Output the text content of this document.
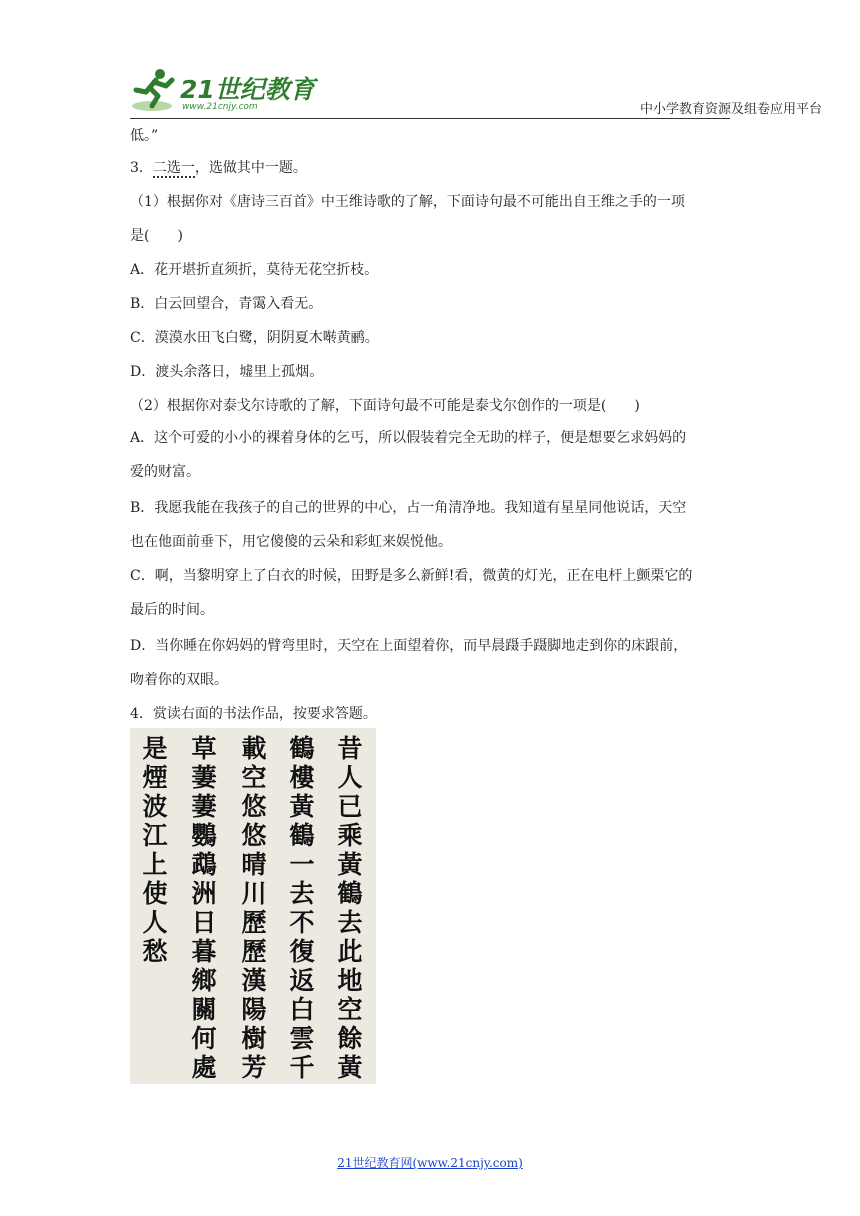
21世纪教育
www.21cnjy.com	中小学教育资源及组卷应用平台
低。”
3．二选一，选做其中一题。
（1）根据你对《唐诗三百首》中王维诗歌的了解，下面诗句最不可能出自王维之手的一项
是(　　)
A．花开堪折直须折，莫待无花空折枝。
B．白云回望合，青霭入看无。
C．漠漠水田飞白鹭，阴阴夏木啭黄鹂。
D．渡头余落日，墟里上孤烟。
（2）根据你对泰戈尔诗歌的了解，下面诗句最不可能是泰戈尔创作的一项是(　　)
A．这个可爱的小小的裸着身体的乞丐，所以假装着完全无助的样子，便是想要乞求妈妈的
爱的财富。
B．我愿我能在我孩子的自己的世界的中心，占一角清净地。我知道有星星同他说话，天空
也在他面前垂下，用它傻傻的云朵和彩虹来娱悦他。
C．啊，当黎明穿上了白衣的时候，田野是多么新鲜!看，微黄的灯光，正在电杆上颤栗它的
最后的时间。
D．当你睡在你妈妈的臂弯里时，天空在上面望着你，而早晨蹑手蹑脚地走到你的床跟前，
吻着你的双眼。
4．赏读右面的书法作品，按要求答题。
昔
人
已
乘
黃
鶴
去
此
地
空
餘
黃
鶴
樓
黃
鶴
一
去
不
復
返
白
雲
千
載
空
悠
悠
晴
川
歷
歷
漢
陽
樹
芳
草
萋
萋
鸚
鵡
洲
日
暮
鄉
關
何
處
是
煙
波
江
上
使
人
愁
21世纪教育网(www.21cnjy.com)
